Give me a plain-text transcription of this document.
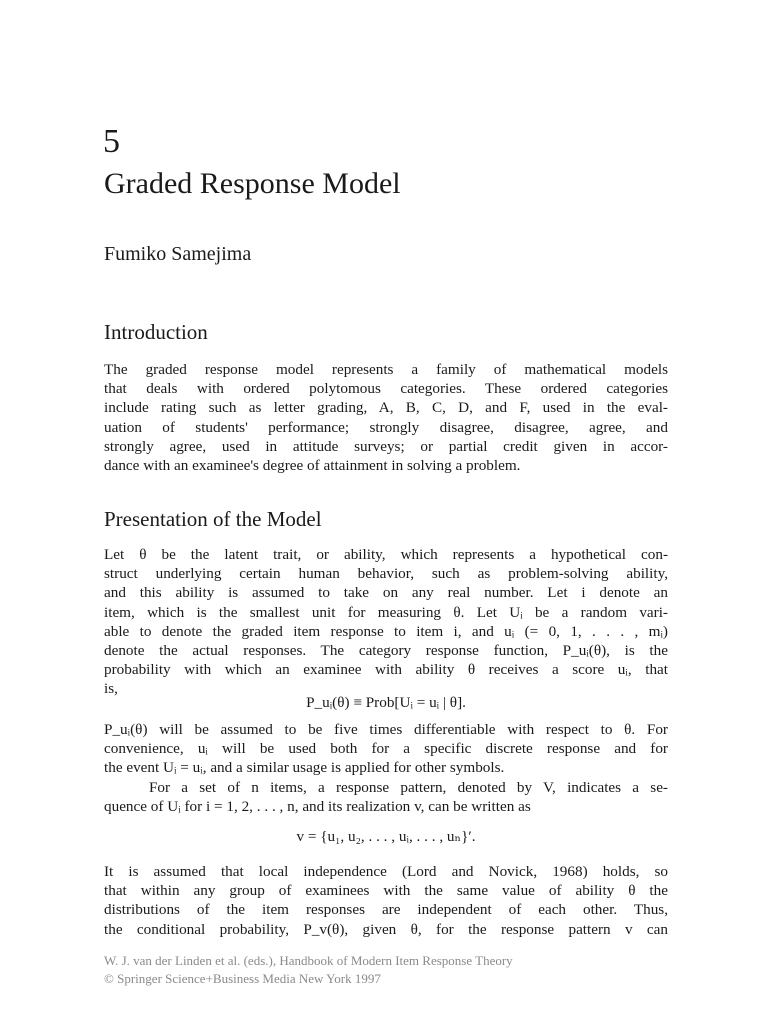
5
Graded Response Model
Fumiko Samejima
Introduction
The graded response model represents a family of mathematical models
that deals with ordered polytomous categories. These ordered categories
include rating such as letter grading, A, B, C, D, and F, used in the eval-
uation of students' performance; strongly disagree, disagree, agree, and
strongly agree, used in attitude surveys; or partial credit given in accor-
dance with an examinee's degree of attainment in solving a problem.
Presentation of the Model
Let θ be the latent trait, or ability, which represents a hypothetical con-
struct underlying certain human behavior, such as problem-solving ability,
and this ability is assumed to take on any real number. Let i denote an
item, which is the smallest unit for measuring θ. Let Uᵢ be a random vari-
able to denote the graded item response to item i, and uᵢ (= 0, 1, . . . , mᵢ)
denote the actual responses. The category response function, P_uᵢ(θ), is the
probability with which an examinee with ability θ receives a score uᵢ, that
is,
P_uᵢ(θ) ≡ Prob[Uᵢ = uᵢ | θ].
P_uᵢ(θ) will be assumed to be five times differentiable with respect to θ. For
convenience, uᵢ will be used both for a specific discrete response and for
the event Uᵢ = uᵢ, and a similar usage is applied for other symbols.
For a set of n items, a response pattern, denoted by V, indicates a se-
quence of Uᵢ for i = 1, 2, . . . , n, and its realization v, can be written as
v = {u₁, u₂, . . . , uᵢ, . . . , uₙ}′.
It is assumed that local independence (Lord and Novick, 1968) holds, so
that within any group of examinees with the same value of ability θ the
distributions of the item responses are independent of each other. Thus,
the conditional probability, P_v(θ), given θ, for the response pattern v can
W. J. van der Linden et al. (eds.), Handbook of Modern Item Response Theory
© Springer Science+Business Media New York 1997
